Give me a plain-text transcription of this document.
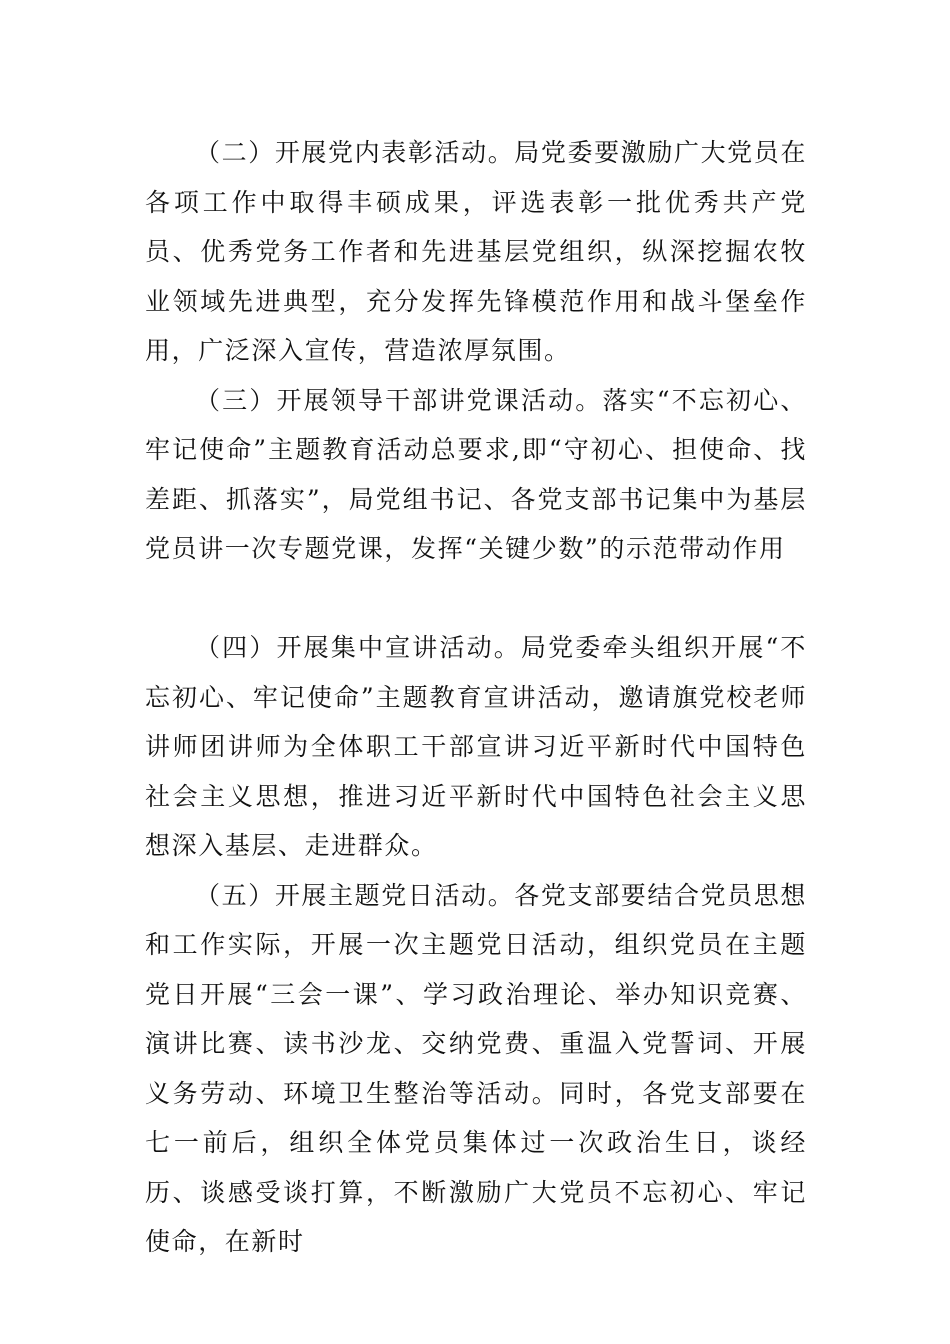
（二）开展党内表彰活动。局党委要激励广大党员在各项工作中取得丰硕成果，评选表彰一批优秀共产党员、优秀党务工作者和先进基层党组织，纵深挖掘农牧业领域先进典型，充分发挥先锋模范作用和战斗堡垒作用，广泛深入宣传，营造浓厚氛围。

（三）开展领导干部讲党课活动。落实“不忘初心、牢记使命”主题教育活动总要求,即“守初心、担使命、找差距、抓落实”，局党组书记、各党支部书记集中为基层党员讲一次专题党课，发挥“关键少数”的示范带动作用

（四）开展集中宣讲活动。局党委牵头组织开展“不忘初心、牢记使命”主题教育宣讲活动，邀请旗党校老师讲师团讲师为全体职工干部宣讲习近平新时代中国特色社会主义思想，推进习近平新时代中国特色社会主义思想深入基层、走进群众。

（五）开展主题党日活动。各党支部要结合党员思想和工作实际，开展一次主题党日活动，组织党员在主题党日开展“三会一课”、学习政治理论、举办知识竞赛、演讲比赛、读书沙龙、交纳党费、重温入党誓词、开展义务劳动、环境卫生整治等活动。同时，各党支部要在七一前后，组织全体党员集体过一次政治生日，谈经历、谈感受谈打算，不断激励广大党员不忘初心、牢记使命，在新时
